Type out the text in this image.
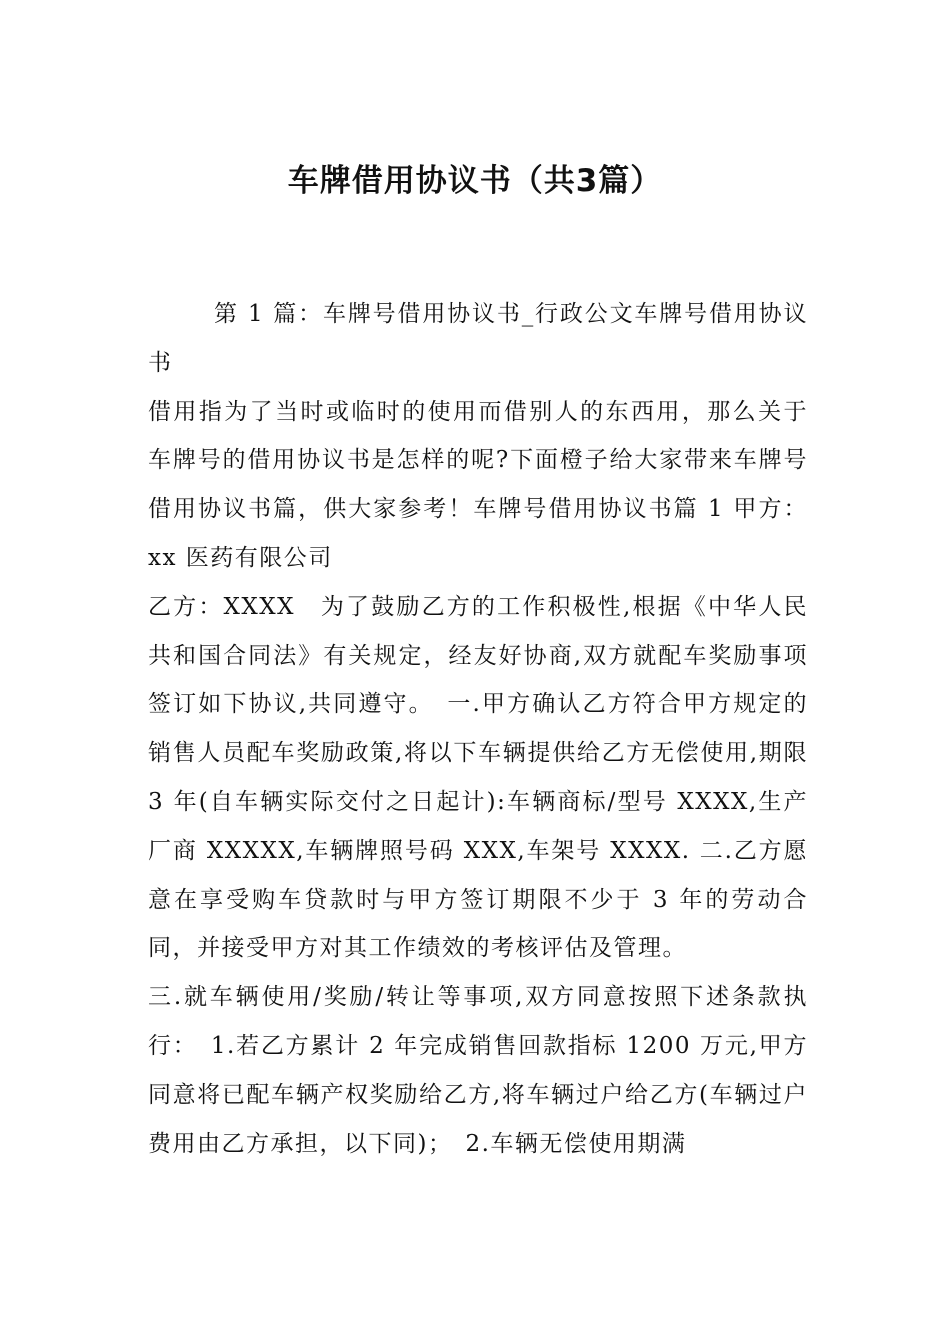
车牌借用协议书（共3篇）

第 1 篇：车牌号借用协议书_行政公文车牌号借用协议书

借用指为了当时或临时的使用而借别人的东西用，那么关于车牌号的借用协议书是怎样的呢?下面橙子给大家带来车牌号借用协议书篇，供大家参考！车牌号借用协议书篇 1 甲方：xx 医药有限公司

乙方：XXXX　为了鼓励乙方的工作积极性,根据《中华人民共和国合同法》有关规定，经友好协商,双方就配车奖励事项签订如下协议,共同遵守。　一.甲方确认乙方符合甲方规定的销售人员配车奖励政策,将以下车辆提供给乙方无偿使用,期限 3 年(自车辆实际交付之日起计):车辆商标/型号 XXXX,生产厂商 XXXXX,车辆牌照号码 XXX,车架号 XXXX. 二.乙方愿意在享受购车贷款时与甲方签订期限不少于 3 年的劳动合同，并接受甲方对其工作绩效的考核评估及管理。

三.就车辆使用/奖励/转让等事项,双方同意按照下述条款执行：　1.若乙方累计 2 年完成销售回款指标 1200 万元,甲方同意将已配车辆产权奖励给乙方,将车辆过户给乙方(车辆过户费用由乙方承担，以下同)；　2.车辆无偿使用期满
